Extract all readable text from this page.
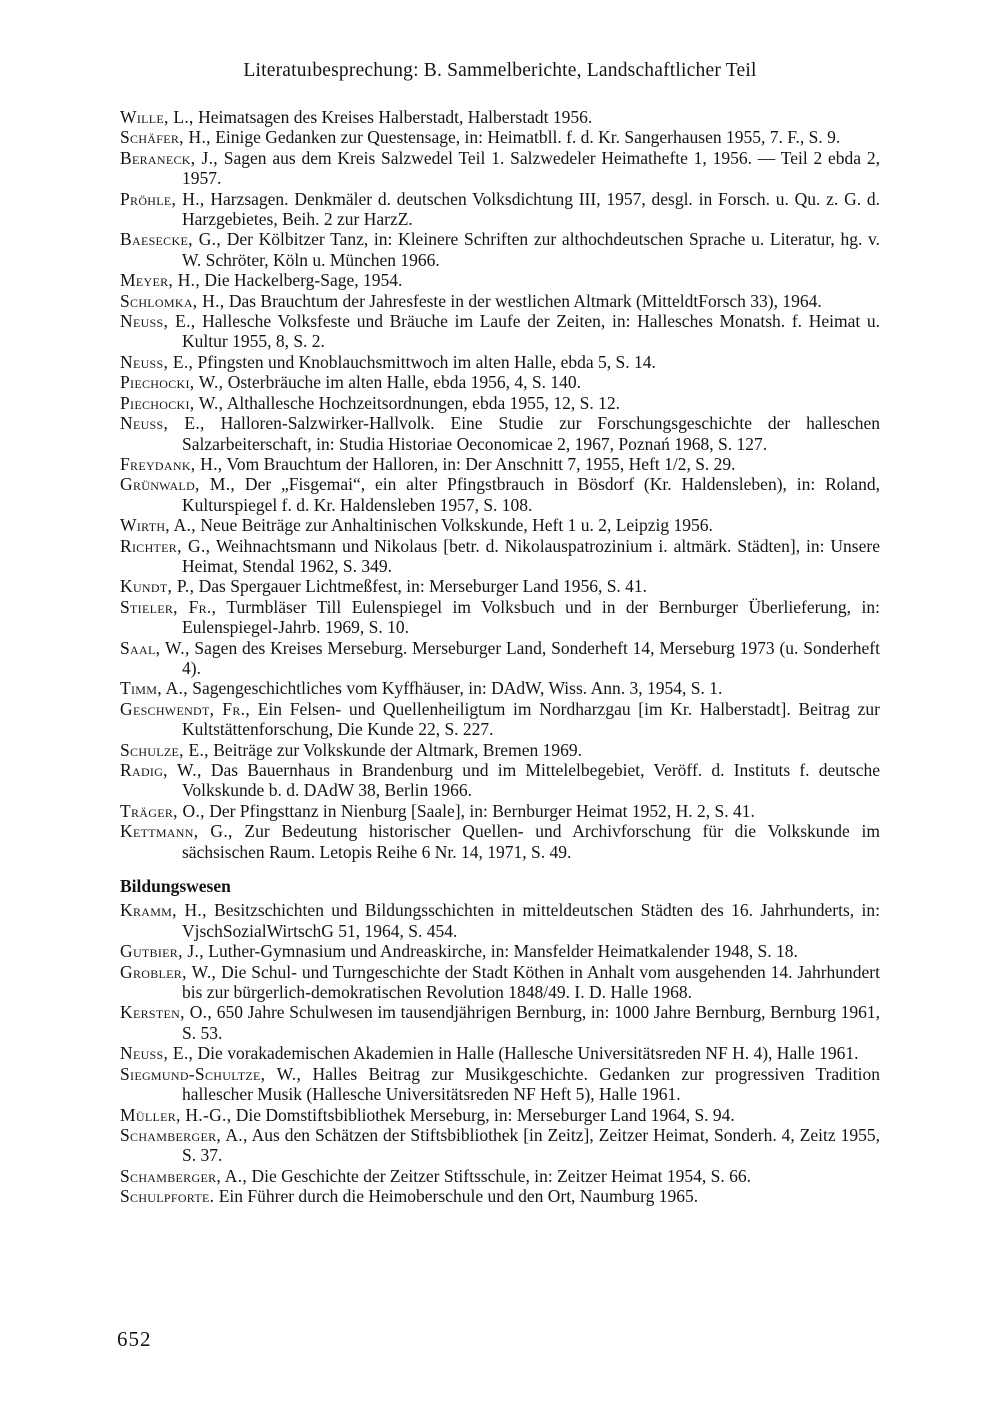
Literatuıbesprechung: B. Sammelberichte, Landschaftlicher Teil

Wille, L., Heimatsagen des Kreises Halberstadt, Halberstadt 1956.

Schäfer, H., Einige Gedanken zur Questensage, in: Heimatbll. f. d. Kr. Sangerhausen 1955, 7. F., S. 9.

Beraneck, J., Sagen aus dem Kreis Salzwedel Teil 1. Salzwedeler Heimathefte 1, 1956. — Teil 2 ebda 2, 1957.

Pröhle, H., Harzsagen. Denkmäler d. deutschen Volksdichtung III, 1957, desgl. in Forsch. u. Qu. z. G. d. Harzgebietes, Beih. 2 zur HarzZ.

Baesecke, G., Der Kölbitzer Tanz, in: Kleinere Schriften zur althochdeutschen Sprache u. Literatur, hg. v. W. Schröter, Köln u. München 1966.

Meyer, H., Die Hackelberg-Sage, 1954.

Schlomka, H., Das Brauchtum der Jahresfeste in der westlichen Altmark (MitteldtForsch 33), 1964.

Neuss, E., Hallesche Volksfeste und Bräuche im Laufe der Zeiten, in: Hallesches Monatsh. f. Heimat u. Kultur 1955, 8, S. 2.

Neuss, E., Pfingsten und Knoblauchsmittwoch im alten Halle, ebda 5, S. 14.

Piechocki, W., Osterbräuche im alten Halle, ebda 1956, 4, S. 140.

Piechocki, W., Althallesche Hochzeitsordnungen, ebda 1955, 12, S. 12.

Neuss, E., Halloren-Salzwirker-Hallvolk. Eine Studie zur Forschungsgeschichte der halleschen Salzarbeiterschaft, in: Studia Historiae Oeconomicae 2, 1967, Poznań 1968, S. 127.

Freydank, H., Vom Brauchtum der Halloren, in: Der Anschnitt 7, 1955, Heft 1/2, S. 29.

Grünwald, M., Der „Fisgemai“, ein alter Pfingstbrauch in Bösdorf (Kr. Haldensleben), in: Roland, Kulturspiegel f. d. Kr. Haldensleben 1957, S. 108.

Wirth, A., Neue Beiträge zur Anhaltinischen Volkskunde, Heft 1 u. 2, Leipzig 1956.

Richter, G., Weihnachtsmann und Nikolaus [betr. d. Nikolauspatrozinium i. altmärk. Städten], in: Unsere Heimat, Stendal 1962, S. 349.

Kundt, P., Das Spergauer Lichtmeßfest, in: Merseburger Land 1956, S. 41.

Stieler, Fr., Turmbläser Till Eulenspiegel im Volksbuch und in der Bernburger Überlieferung, in: Eulenspiegel-Jahrb. 1969, S. 10.

Saal, W., Sagen des Kreises Merseburg. Merseburger Land, Sonderheft 14, Merseburg 1973 (u. Sonderheft 4).

Timm, A., Sagengeschichtliches vom Kyffhäuser, in: DAdW, Wiss. Ann. 3, 1954, S. 1.

Geschwendt, Fr., Ein Felsen- und Quellenheiligtum im Nordharzgau [im Kr. Halberstadt]. Beitrag zur Kultstättenforschung, Die Kunde 22, S. 227.

Schulze, E., Beiträge zur Volkskunde der Altmark, Bremen 1969.

Radig, W., Das Bauernhaus in Brandenburg und im Mittelelbegebiet, Veröff. d. Instituts f. deutsche Volkskunde b. d. DAdW 38, Berlin 1966.

Träger, O., Der Pfingsttanz in Nienburg [Saale], in: Bernburger Heimat 1952, H. 2, S. 41.

Kettmann, G., Zur Bedeutung historischer Quellen- und Archivforschung für die Volkskunde im sächsischen Raum. Letopis Reihe 6 Nr. 14, 1971, S. 49.

Bildungswesen

Kramm, H., Besitzschichten und Bildungsschichten in mitteldeutschen Städten des 16. Jahrhunderts, in: VjschSozialWirtschG 51, 1964, S. 454.

Gutbier, J., Luther-Gymnasium und Andreaskirche, in: Mansfelder Heimatkalender 1948, S. 18.

Grobler, W., Die Schul- und Turngeschichte der Stadt Köthen in Anhalt vom ausgehenden 14. Jahrhundert bis zur bürgerlich-demokratischen Revolution 1848/49. I. D. Halle 1968.

Kersten, O., 650 Jahre Schulwesen im tausendjährigen Bernburg, in: 1000 Jahre Bernburg, Bernburg 1961, S. 53.

Neuss, E., Die vorakademischen Akademien in Halle (Hallesche Universitätsreden NF H. 4), Halle 1961.

Siegmund-Schultze, W., Halles Beitrag zur Musikgeschichte. Gedanken zur progressiven Tradition hallescher Musik (Hallesche Universitätsreden NF Heft 5), Halle 1961.

Müller, H.-G., Die Domstiftsbibliothek Merseburg, in: Merseburger Land 1964, S. 94.

Schamberger, A., Aus den Schätzen der Stiftsbibliothek [in Zeitz], Zeitzer Heimat, Sonderh. 4, Zeitz 1955, S. 37.

Schamberger, A., Die Geschichte der Zeitzer Stiftsschule, in: Zeitzer Heimat 1954, S. 66.

Schulpforte. Ein Führer durch die Heimoberschule und den Ort, Naumburg 1965.

652
